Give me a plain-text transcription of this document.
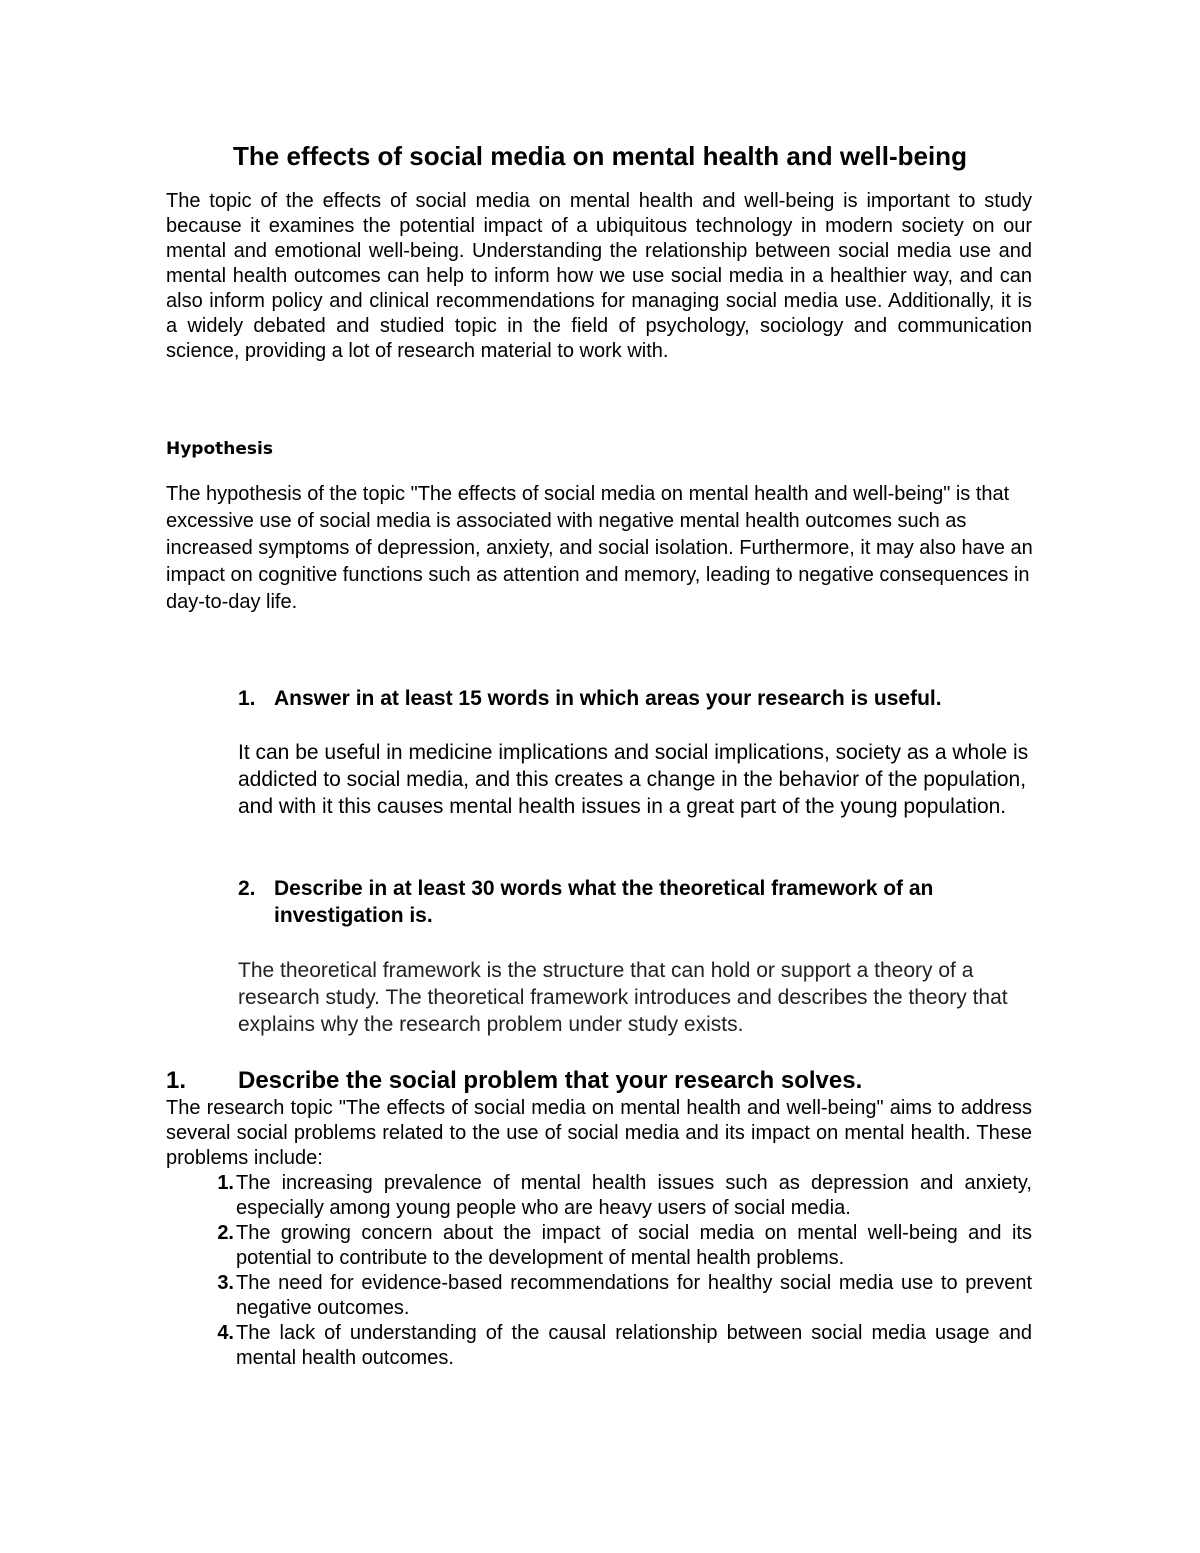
The effects of social media on mental health and well-being

The topic of the effects of social media on mental health and well-being is important to study because it examines the potential impact of a ubiquitous technology in modern society on our mental and emotional well-being. Understanding the relationship between social media use and mental health outcomes can help to inform how we use social media in a healthier way, and can also inform policy and clinical recommendations for managing social media use. Additionally, it is a widely debated and studied topic in the field of psychology, sociology and communication science, providing a lot of research material to work with.

Hypothesis

The hypothesis of the topic "The effects of social media on mental health and well-being" is that excessive use of social media is associated with negative mental health outcomes such as increased symptoms of depression, anxiety, and social isolation. Furthermore, it may also have an impact on cognitive functions such as attention and memory, leading to negative consequences in day-to-day life.

1. Answer in at least 15 words in which areas your research is useful.

It can be useful in medicine implications and social implications, society as a whole is addicted to social media, and this creates a change in the behavior of the population, and with it this causes mental health issues in a great part of the young population.

2. Describe in at least 30 words what the theoretical framework of an investigation is.

The theoretical framework is the structure that can hold or support a theory of a research study. The theoretical framework introduces and describes the theory that explains why the research problem under study exists.

1.	Describe the social problem that your research solves.

The research topic "The effects of social media on mental health and well-being" aims to address several social problems related to the use of social media and its impact on mental health. These problems include:

1. The increasing prevalence of mental health issues such as depression and anxiety, especially among young people who are heavy users of social media.
2. The growing concern about the impact of social media on mental well-being and its potential to contribute to the development of mental health problems.
3. The need for evidence-based recommendations for healthy social media use to prevent negative outcomes.
4. The lack of understanding of the causal relationship between social media usage and mental health outcomes.
